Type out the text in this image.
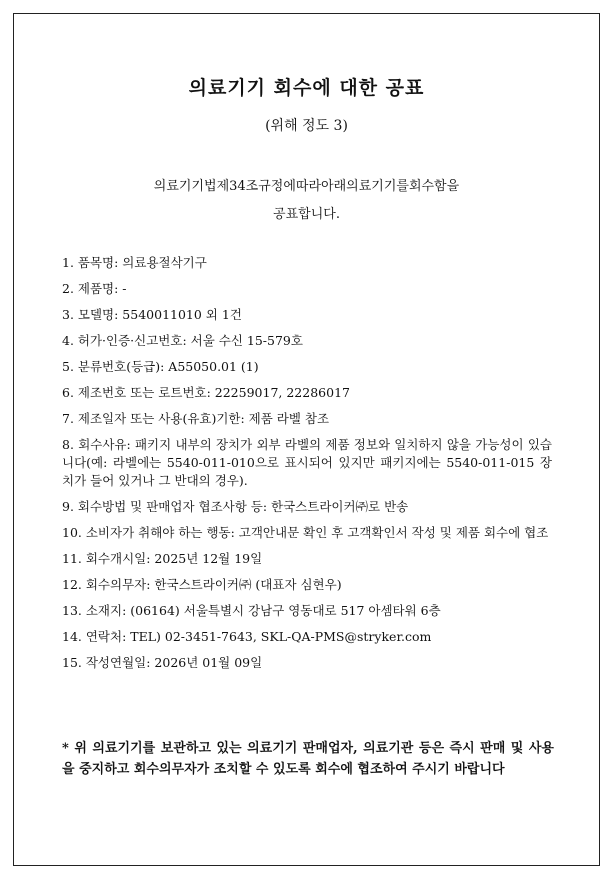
의료기기 회수에 대한 공표
(위해 정도 3)
의료기기법제34조규정에따라아래의료기기를회수함을
공표합니다.
1. 품목명: 의료용절삭기구
2. 제품명: -
3. 모델명: 5540011010 외 1건
4. 허가·인증·신고번호: 서울 수신 15-579호
5. 분류번호(등급): A55050.01 (1)
6. 제조번호 또는 로트번호: 22259017, 22286017
7. 제조일자 또는 사용(유효)기한: 제품 라벨 참조
8. 회수사유: 패키지 내부의 장치가 외부 라벨의 제품 정보와 일치하지 않을 가능성이 있습니다(예: 라벨에는 5540-011-010으로 표시되어 있지만 패키지에는 5540-011-015 장치가 들어 있거나 그 반대의 경우).
9. 회수방법 및 판매업자 협조사항 등: 한국스트라이커㈜로 반송
10. 소비자가 취해야 하는 행동: 고객안내문 확인 후 고객확인서 작성 및 제품 회수에 협조
11. 회수개시일: 2025년 12월 19일
12. 회수의무자: 한국스트라이커㈜ (대표자 심현우)
13. 소재지: (06164) 서울특별시 강남구 영동대로 517 아셈타워 6층
14. 연락처: TEL) 02-3451-7643, SKL-QA-PMS@stryker.com
15. 작성연월일: 2026년 01월 09일
* 위 의료기기를 보관하고 있는 의료기기 판매업자, 의료기관 등은 즉시 판매 및 사용을 중지하고 회수의무자가 조치할 수 있도록 회수에 협조하여 주시기 바랍니다
